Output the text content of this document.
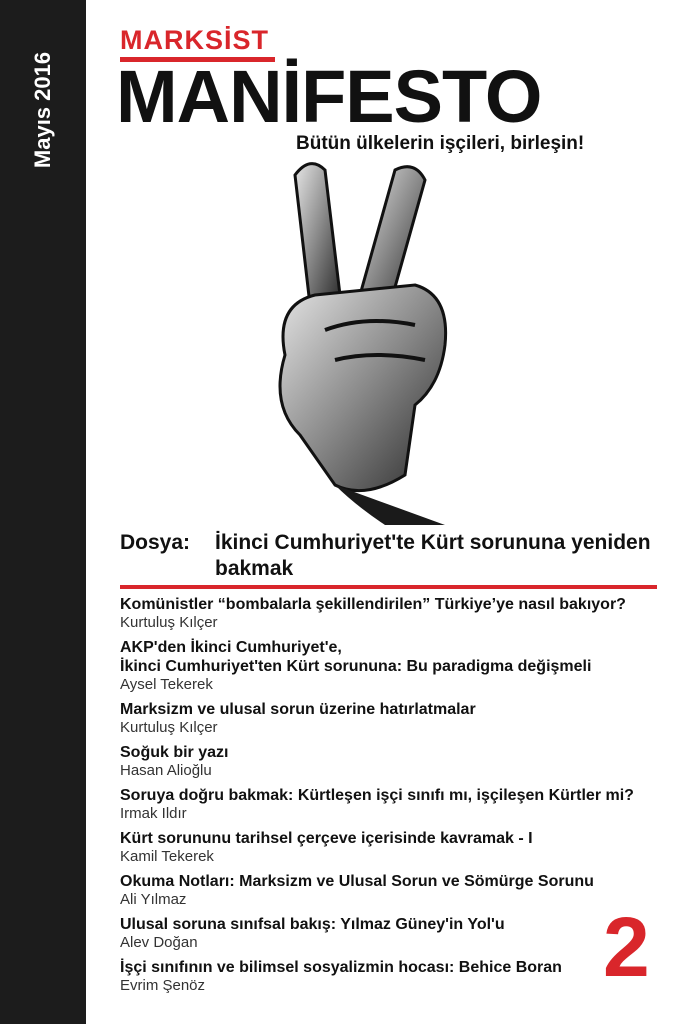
Mayıs 2016
MARKSİST
MANİFESTO
Bütün ülkelerin işçileri, birleşin!
Dosya: İkinci Cumhuriyet'te Kürt sorununa yeniden bakmak
Komünistler “bombalarla şekillendirilen” Türkiye’ye nasıl bakıyor?
Kurtuluş Kılçer
AKP'den İkinci Cumhuriyet'e,
İkinci Cumhuriyet'ten Kürt sorununa: Bu paradigma değişmeli
Aysel Tekerek
Marksizm ve ulusal sorun üzerine hatırlatmalar
Kurtuluş Kılçer
Soğuk bir yazı
Hasan Alioğlu
Soruya doğru bakmak: Kürtleşen işçi sınıfı mı, işçileşen Kürtler mi?
Irmak Ildır
Kürt sorununu tarihsel çerçeve içerisinde kavramak - I
Kamil Tekerek
Okuma Notları: Marksizm ve Ulusal Sorun ve Sömürge Sorunu
Ali Yılmaz
Ulusal soruna sınıfsal bakış: Yılmaz Güney'in Yol'u
Alev Doğan
İşçi sınıfının ve bilimsel sosyalizmin hocası: Behice Boran
Evrim Şenöz	2
